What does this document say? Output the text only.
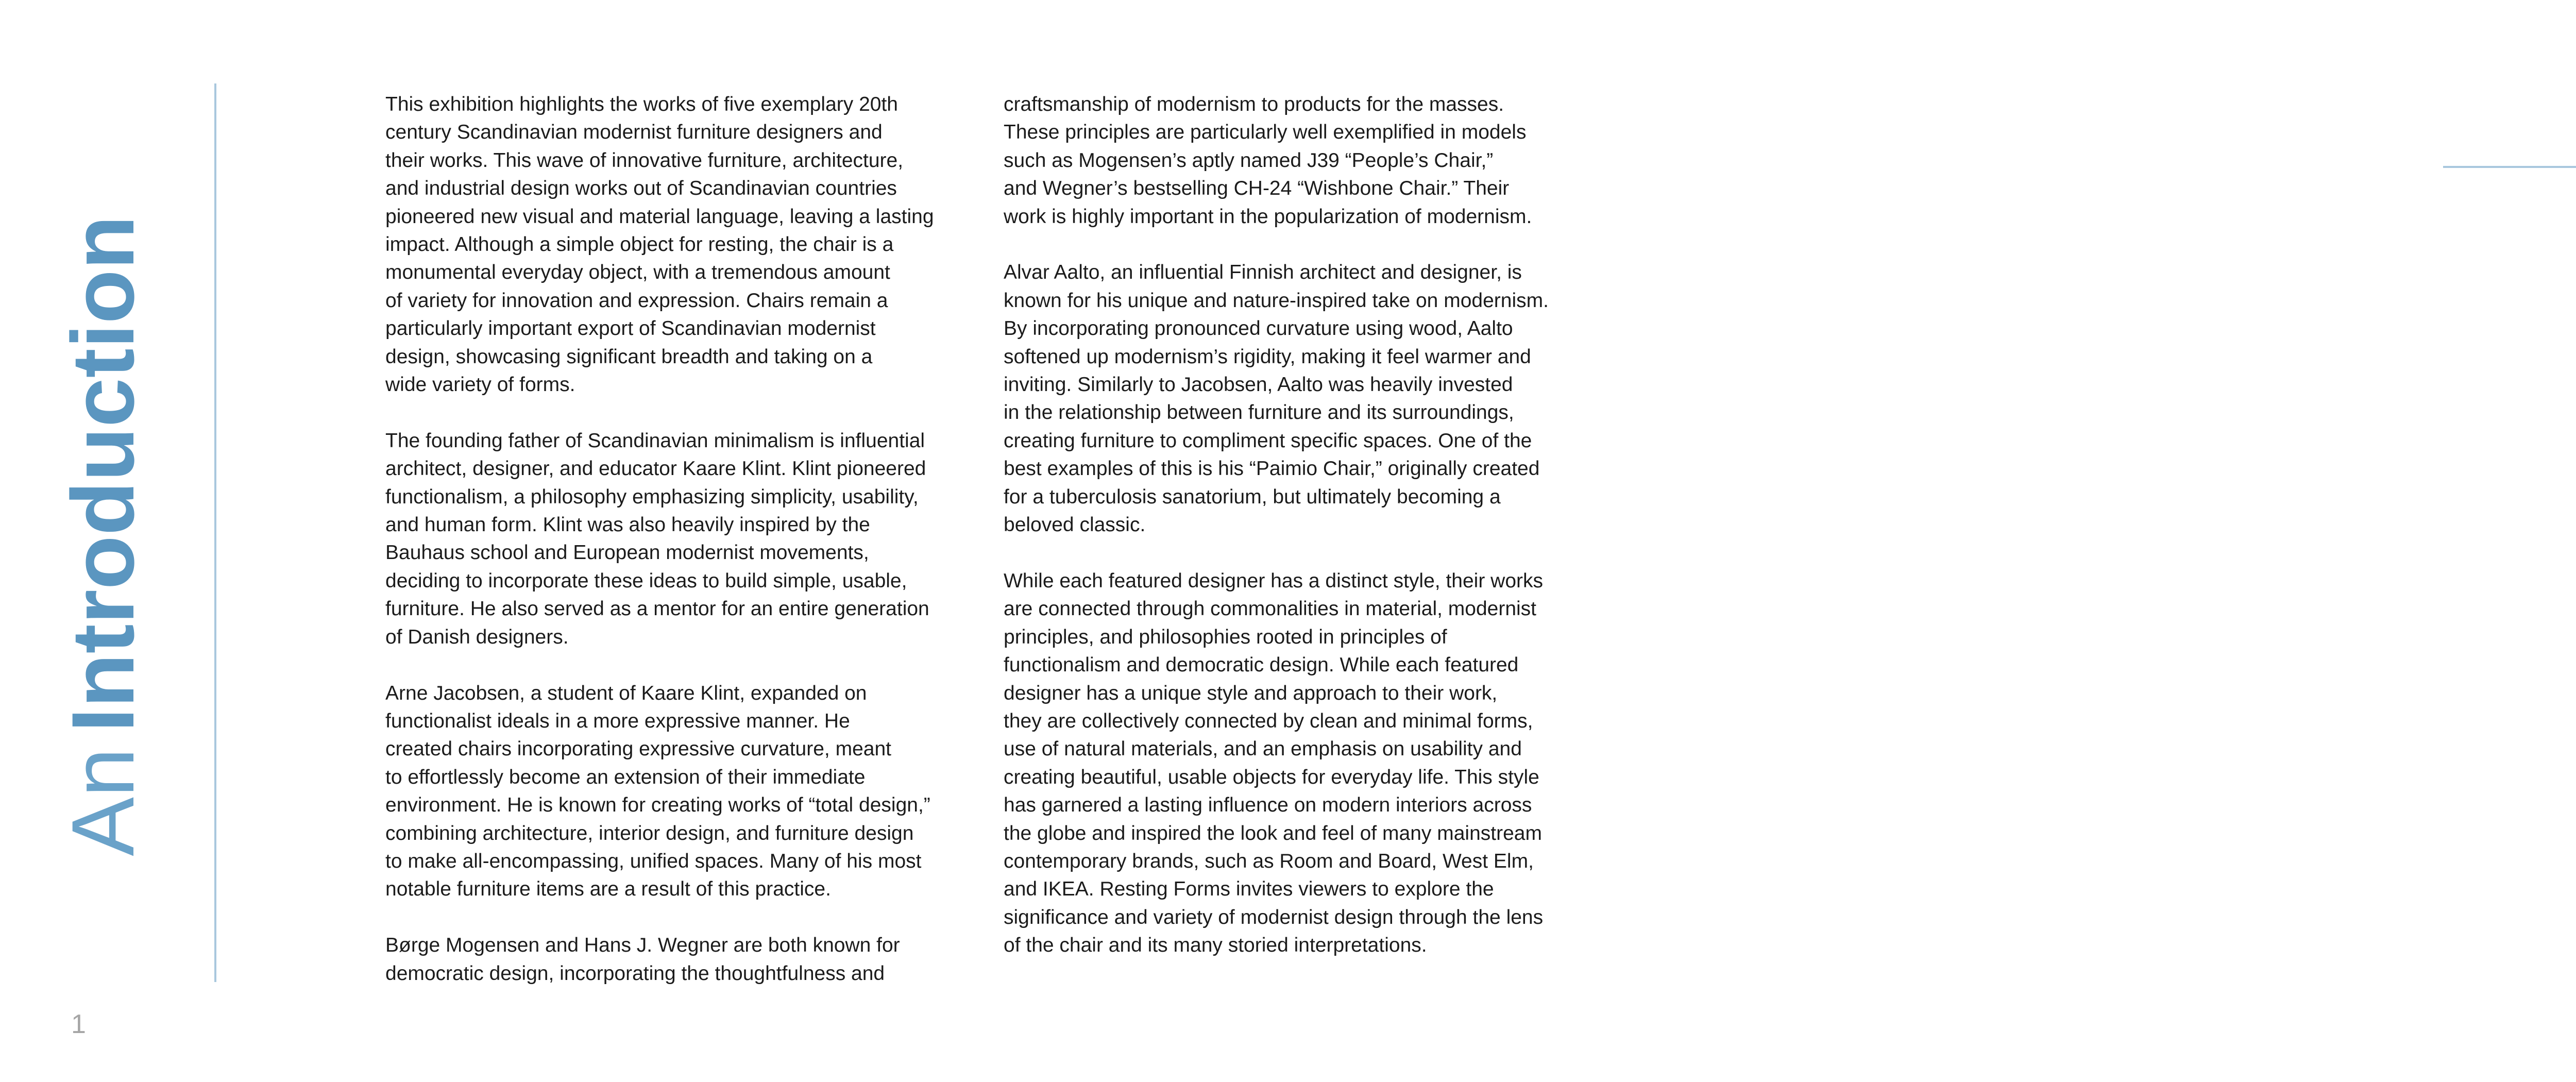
AnIntroduction

This exhibition highlights the works of five exemplary 20th
century Scandinavian modernist furniture designers and
their works. This wave of innovative furniture, architecture,
and industrial design works out of Scandinavian countries
pioneered new visual and material language, leaving a lasting
impact. Although a simple object for resting, the chair is a
monumental everyday object, with a tremendous amount
of variety for innovation and expression. Chairs remain a
particularly important export of Scandinavian modernist
design, showcasing significant breadth and taking on a
wide variety of forms.

The founding father of Scandinavian minimalism is influential
architect, designer, and educator Kaare Klint. Klint pioneered
functionalism, a philosophy emphasizing simplicity, usability,
and human form. Klint was also heavily inspired by the
Bauhaus school and European modernist movements,
deciding to incorporate these ideas to build simple, usable,
furniture. He also served as a mentor for an entire generation
of Danish designers.

Arne Jacobsen, a student of Kaare Klint, expanded on
functionalist ideals in a more expressive manner. He
created chairs incorporating expressive curvature, meant
to effortlessly become an extension of their immediate
environment. He is known for creating works of “total design,”
combining architecture, interior design, and furniture design
to make all-encompassing, unified spaces. Many of his most
notable furniture items are a result of this practice.

Børge Mogensen and Hans J. Wegner are both known for
democratic design, incorporating the thoughtfulness and

craftsmanship of modernism to products for the masses.
These principles are particularly well exemplified in models
such as Mogensen’s aptly named J39 “People’s Chair,”
and Wegner’s bestselling CH-24 “Wishbone Chair.” Their
work is highly important in the popularization of modernism.

Alvar Aalto, an influential Finnish architect and designer, is
known for his unique and nature-inspired take on modernism.
By incorporating pronounced curvature using wood, Aalto
softened up modernism’s rigidity, making it feel warmer and
inviting. Similarly to Jacobsen, Aalto was heavily invested
in the relationship between furniture and its surroundings,
creating furniture to compliment specific spaces. One of the
best examples of this is his “Paimio Chair,” originally created
for a tuberculosis sanatorium, but ultimately becoming a
beloved classic.

While each featured designer has a distinct style, their works
are connected through commonalities in material, modernist
principles, and philosophies rooted in principles of
functionalism and democratic design. While each featured
designer has a unique style and approach to their work,
they are collectively connected by clean and minimal forms,
use of natural materials, and an emphasis on usability and
creating beautiful, usable objects for everyday life. This style
has garnered a lasting influence on modern interiors across
the globe and inspired the look and feel of many mainstream
contemporary brands, such as Room and Board, West Elm,
and IKEA. Resting Forms invites viewers to explore the
significance and variety of modernist design through the lens
of the chair and its many storied interpretations.

1
